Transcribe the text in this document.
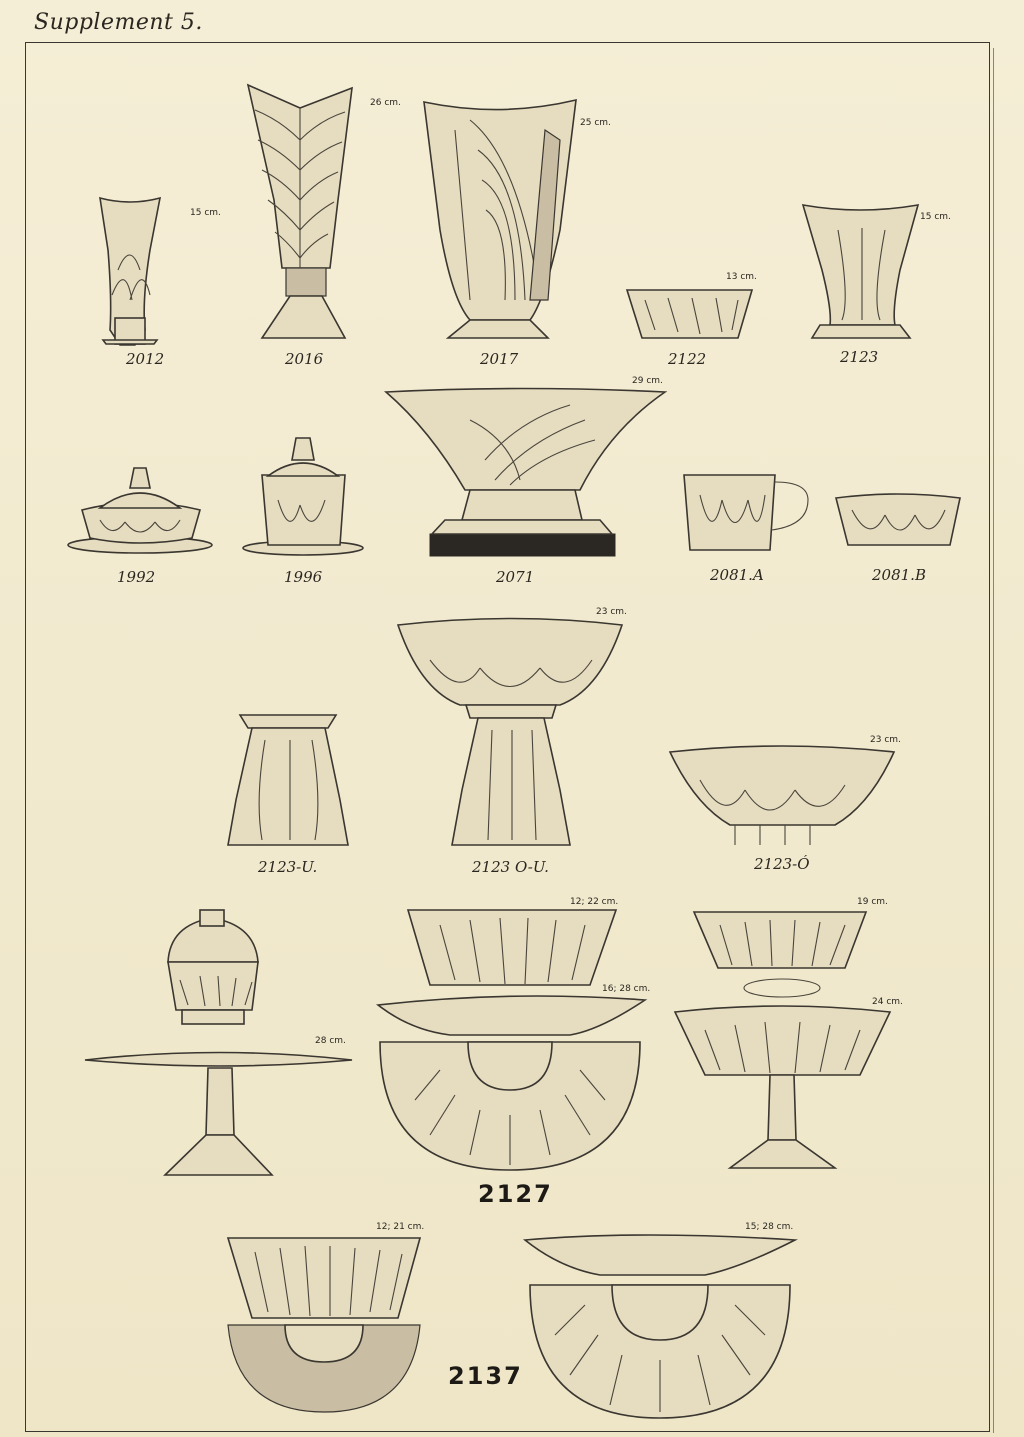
Supplement 5.
2012
15 cm.
2016
26 cm.
2017
25 cm.
2122
13 cm.
2123
15 cm.
1992	1996	2071
29 cm.
2081.A	2081.B
2123-U.	2123 O-U.
23 cm.
2123-Ó
23 cm.
12; 22 cm.
16; 28 cm.
19 cm.
24 cm.
28 cm.
2127
12; 21 cm.	15; 28 cm.
2137
